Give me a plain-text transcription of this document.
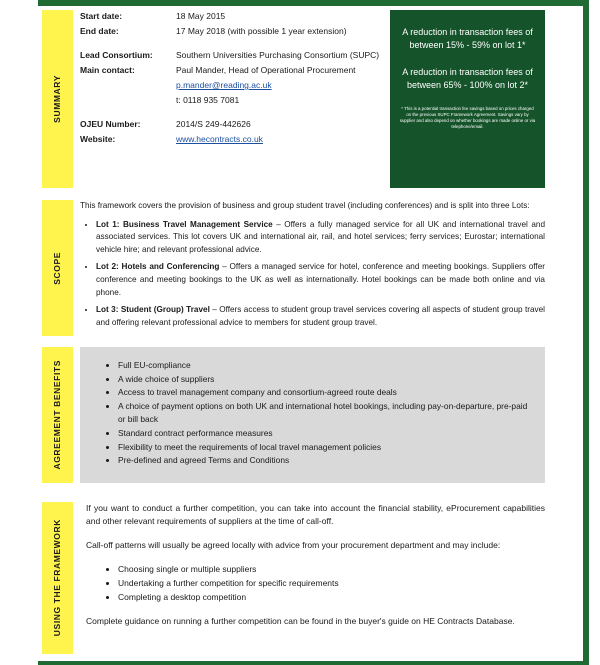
SUMMARY
Start date:	18 May 2015
End date:	17 May 2018 (with possible 1 year extension)
Lead Consortium:	Southern Universities Purchasing Consortium (SUPC)
Main contact:	Paul Mander, Head of Operational Procurement
p.mander@reading.ac.uk
t: 0118 935 7081
OJEU Number:	2014/S 249-442626
Website:	www.hecontracts.co.uk

A reduction in transaction fees of between 15% - 59% on lot 1*

A reduction in transaction fees of between 65% - 100% on lot 2*

* This is a potential transaction fee savings based on prices charged on the previous SUPC Framework Agreement. Savings vary by supplier and also depend on whether bookings are made online or via telephone/email.
SCOPE
This framework covers the provision of business and group student travel (including conferences) and is split into three Lots:
• Lot 1: Business Travel Management Service – Offers a fully managed service for all UK and international travel and associated services. This lot covers UK and international air, rail, and hotel services; ferry services; Eurostar; international vehicle hire; and relevant professional advice.
• Lot 2: Hotels and Conferencing – Offers a managed service for hotel, conference and meeting bookings. Suppliers offer conference and meeting bookings to the UK as well as internationally. Hotel bookings can be made both online and via phone.
• Lot 3: Student (Group) Travel – Offers access to student group travel services covering all aspects of student group travel and offering relevant professional advice to members for student group travel.
AGREEMENT BENEFITS	• Full EU-compliance
• A wide choice of suppliers
• Access to travel management company and consortium-agreed route deals
• A choice of payment options on both UK and international hotel bookings, including pay-on-departure, pre-paid or bill back
• Standard contract performance measures
• Flexibility to meet the requirements of local travel management policies
• Pre-defined and agreed Terms and Conditions
USING THE FRAMEWORK

If you want to conduct a further competition, you can take into account the financial stability, eProcurement capabilities and other relevant requirements of suppliers at the time of call-off.

Call-off patterns will usually be agreed locally with advice from your procurement department and may include:

• Choosing single or multiple suppliers
• Undertaking a further competition for specific requirements
• Completing a desktop competition

Complete guidance on running a further competition can be found in the buyer's guide on HE Contracts Database.
